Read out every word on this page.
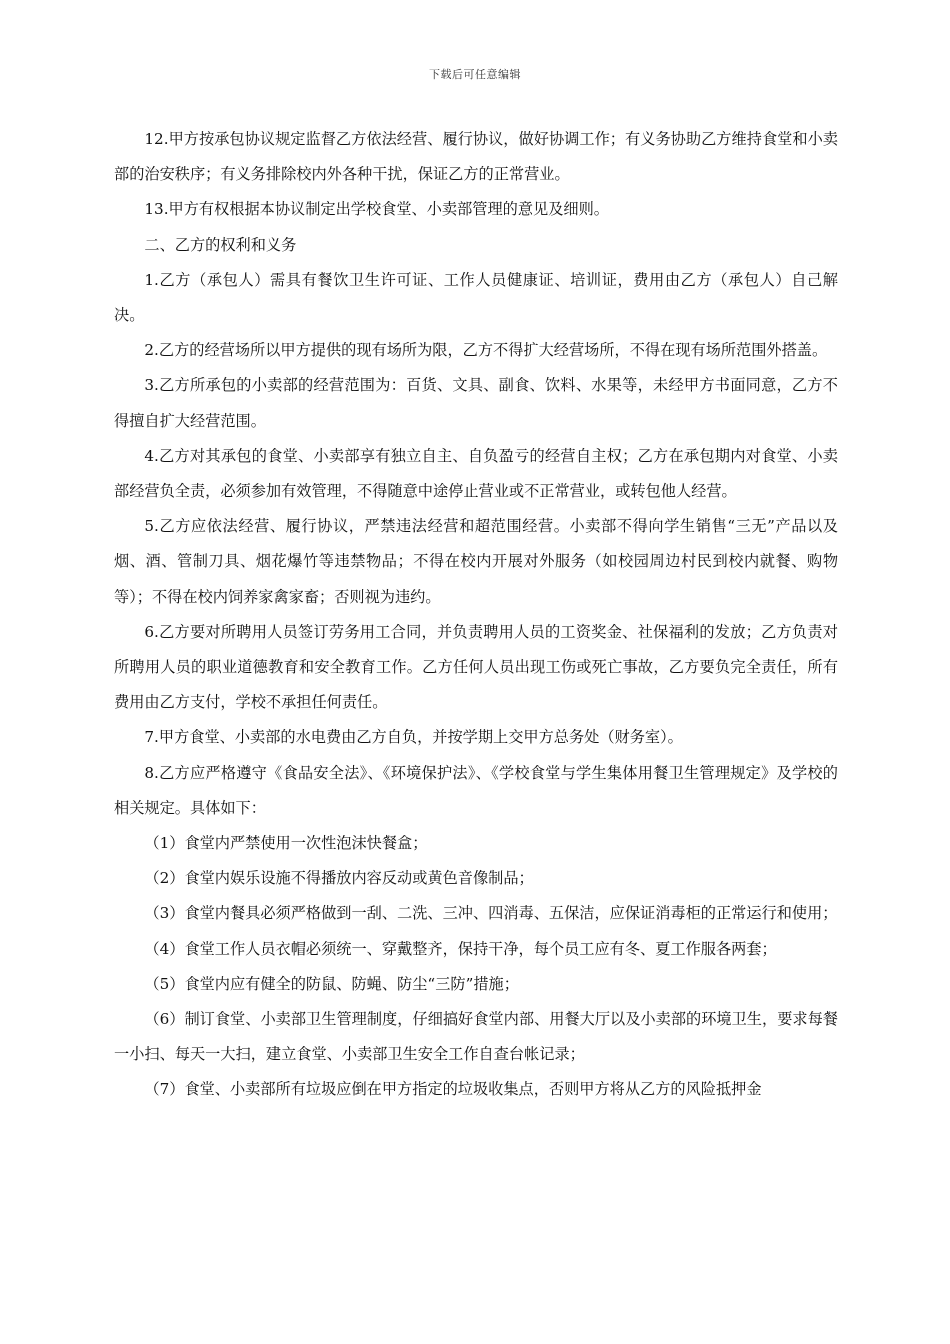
下载后可任意编辑

12.甲方按承包协议规定监督乙方依法经营、履行协议，做好协调工作；有义务协助乙方维持食堂和小卖部的治安秩序；有义务排除校内外各种干扰，保证乙方的正常营业。

13.甲方有权根据本协议制定出学校食堂、小卖部管理的意见及细则。

二、乙方的权利和义务

1.乙方（承包人）需具有餐饮卫生许可证、工作人员健康证、培训证，费用由乙方（承包人）自己解决。

2.乙方的经营场所以甲方提供的现有场所为限，乙方不得扩大经营场所，不得在现有场所范围外搭盖。

3.乙方所承包的小卖部的经营范围为：百货、文具、副食、饮料、水果等，未经甲方书面同意，乙方不得擅自扩大经营范围。

4.乙方对其承包的食堂、小卖部享有独立自主、自负盈亏的经营自主权；乙方在承包期内对食堂、小卖部经营负全责，必须参加有效管理，不得随意中途停止营业或不正常营业，或转包他人经营。

5.乙方应依法经营、履行协议，严禁违法经营和超范围经营。小卖部不得向学生销售“三无”产品以及烟、酒、管制刀具、烟花爆竹等违禁物品；不得在校内开展对外服务（如校园周边村民到校内就餐、购物等）；不得在校内饲养家禽家畜；否则视为违约。

6.乙方要对所聘用人员签订劳务用工合同，并负责聘用人员的工资奖金、社保福利的发放；乙方负责对所聘用人员的职业道德教育和安全教育工作。乙方任何人员出现工伤或死亡事故，乙方要负完全责任，所有费用由乙方支付，学校不承担任何责任。

7.甲方食堂、小卖部的水电费由乙方自负，并按学期上交甲方总务处（财务室）。

8.乙方应严格遵守《食品安全法》、《环境保护法》、《学校食堂与学生集体用餐卫生管理规定》及学校的相关规定。具体如下：

（1）食堂内严禁使用一次性泡沫快餐盒；

（2）食堂内娱乐设施不得播放内容反动或黄色音像制品；

（3）食堂内餐具必须严格做到一刮、二洗、三冲、四消毒、五保洁，应保证消毒柜的正常运行和使用；

（4）食堂工作人员衣帽必须统一、穿戴整齐，保持干净，每个员工应有冬、夏工作服各两套；

（5）食堂内应有健全的防鼠、防蝇、防尘“三防”措施；

（6）制订食堂、小卖部卫生管理制度，仔细搞好食堂内部、用餐大厅以及小卖部的环境卫生，要求每餐一小扫、每天一大扫，建立食堂、小卖部卫生安全工作自查台帐记录；

（7）食堂、小卖部所有垃圾应倒在甲方指定的垃圾收集点，否则甲方将从乙方的风险抵押金
